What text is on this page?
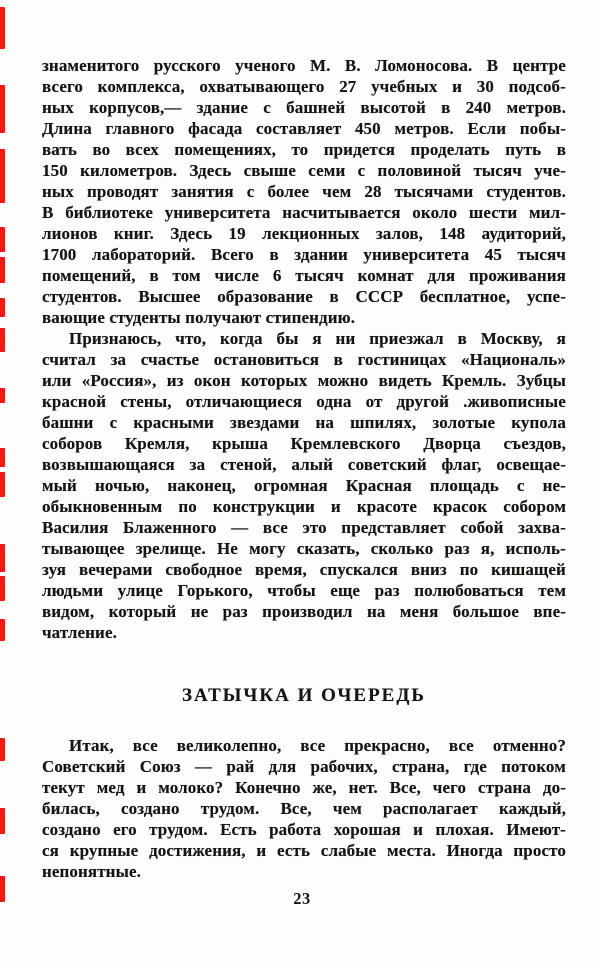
знаменитого русского ученого М. В. Ломоносова. В центре
всего комплекса, охватывающего 27 учебных и 30 подсоб-
ных корпусов,— здание с башней высотой в 240 метров.
Длина главного фасада составляет 450 метров. Если побы-
вать во всех помещениях, то придется проделать путь в
150 километров. Здесь свыше семи с половиной тысяч уче-
ных проводят занятия с более чем 28 тысячами студентов.
В библиотеке университета насчитывается около шести мил-
лионов книг. Здесь 19 лекционных залов, 148 аудиторий,
1700 лабораторий. Всего в здании университета 45 тысяч
помещений, в том числе 6 тысяч комнат для проживания
студентов. Высшее образование в СССР бесплатное, успе-
вающие студенты получают стипендию.
Признаюсь, что, когда бы я ни приезжал в Москву, я
считал за счастье остановиться в гостиницах «Националь»
или «Россия», из окон которых можно видеть Кремль. Зубцы
красной стены, отличающиеся одна от другой .живописные
башни с красными звездами на шпилях, золотые купола
соборов Кремля, крыша Кремлевского Дворца съездов,
возвышающаяся за стеной, алый советский флаг, освещае-
мый ночью, наконец, огромная Красная площадь с не-
обыкновенным по конструкции и красоте красок собором
Василия Блаженного — все это представляет собой захва-
тывающее зрелище. Не могу сказать, сколько раз я, исполь-
зуя вечерами свободное время, спускался вниз по кишащей
людьми улице Горького, чтобы еще раз полюбоваться тем
видом, который не раз производил на меня большое впе-
чатление.
ЗАТЫЧКА И ОЧЕРЕДЬ
Итак, все великолепно, все прекрасно, все отменно?
Советский Союз — рай для рабочих, страна, где потоком
текут мед и молоко? Конечно же, нет. Все, чего страна до-
билась, создано трудом. Все, чем располагает каждый,
создано его трудом. Есть работа хорошая и плохая. Имеют-
ся крупные достижения, и есть слабые места. Иногда просто
непонятные.
23
